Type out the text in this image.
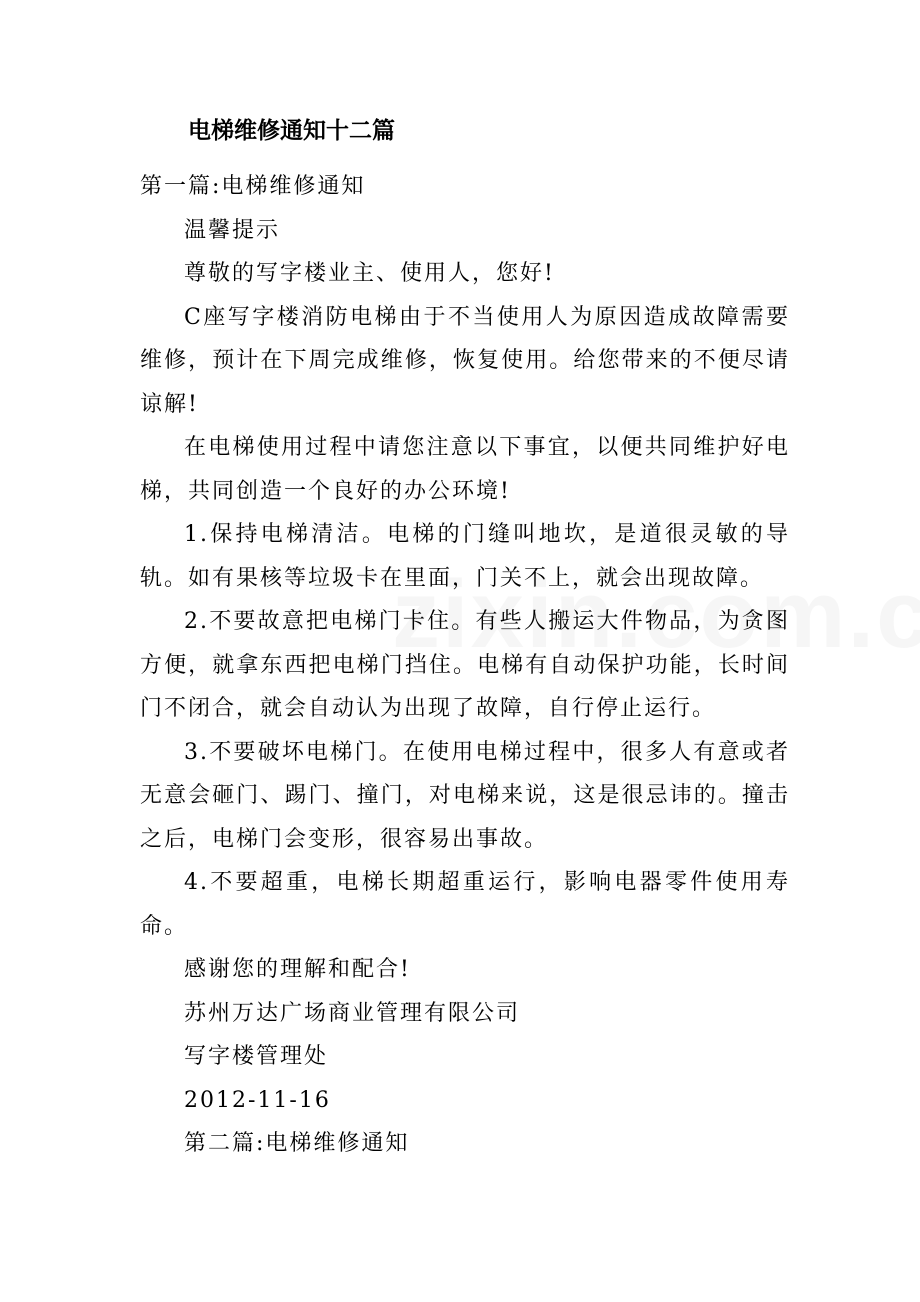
电梯维修通知十二篇

第一篇:电梯维修通知

温馨提示

尊敬的写字楼业主、使用人，您好!

C座写字楼消防电梯由于不当使用人为原因造成故障需要维修，预计在下周完成维修，恢复使用。给您带来的不便尽请谅解!

在电梯使用过程中请您注意以下事宜，以便共同维护好电梯，共同创造一个良好的办公环境!

1.保持电梯清洁。电梯的门缝叫地坎，是道很灵敏的导轨。如有果核等垃圾卡在里面，门关不上，就会出现故障。

2.不要故意把电梯门卡住。有些人搬运大件物品，为贪图方便，就拿东西把电梯门挡住。电梯有自动保护功能，长时间门不闭合，就会自动认为出现了故障，自行停止运行。

3.不要破坏电梯门。在使用电梯过程中，很多人有意或者无意会砸门、踢门、撞门，对电梯来说，这是很忌讳的。撞击之后，电梯门会变形，很容易出事故。

4.不要超重，电梯长期超重运行，影响电器零件使用寿命。

感谢您的理解和配合!

苏州万达广场商业管理有限公司

写字楼管理处

2012-11-16

第二篇:电梯维修通知
